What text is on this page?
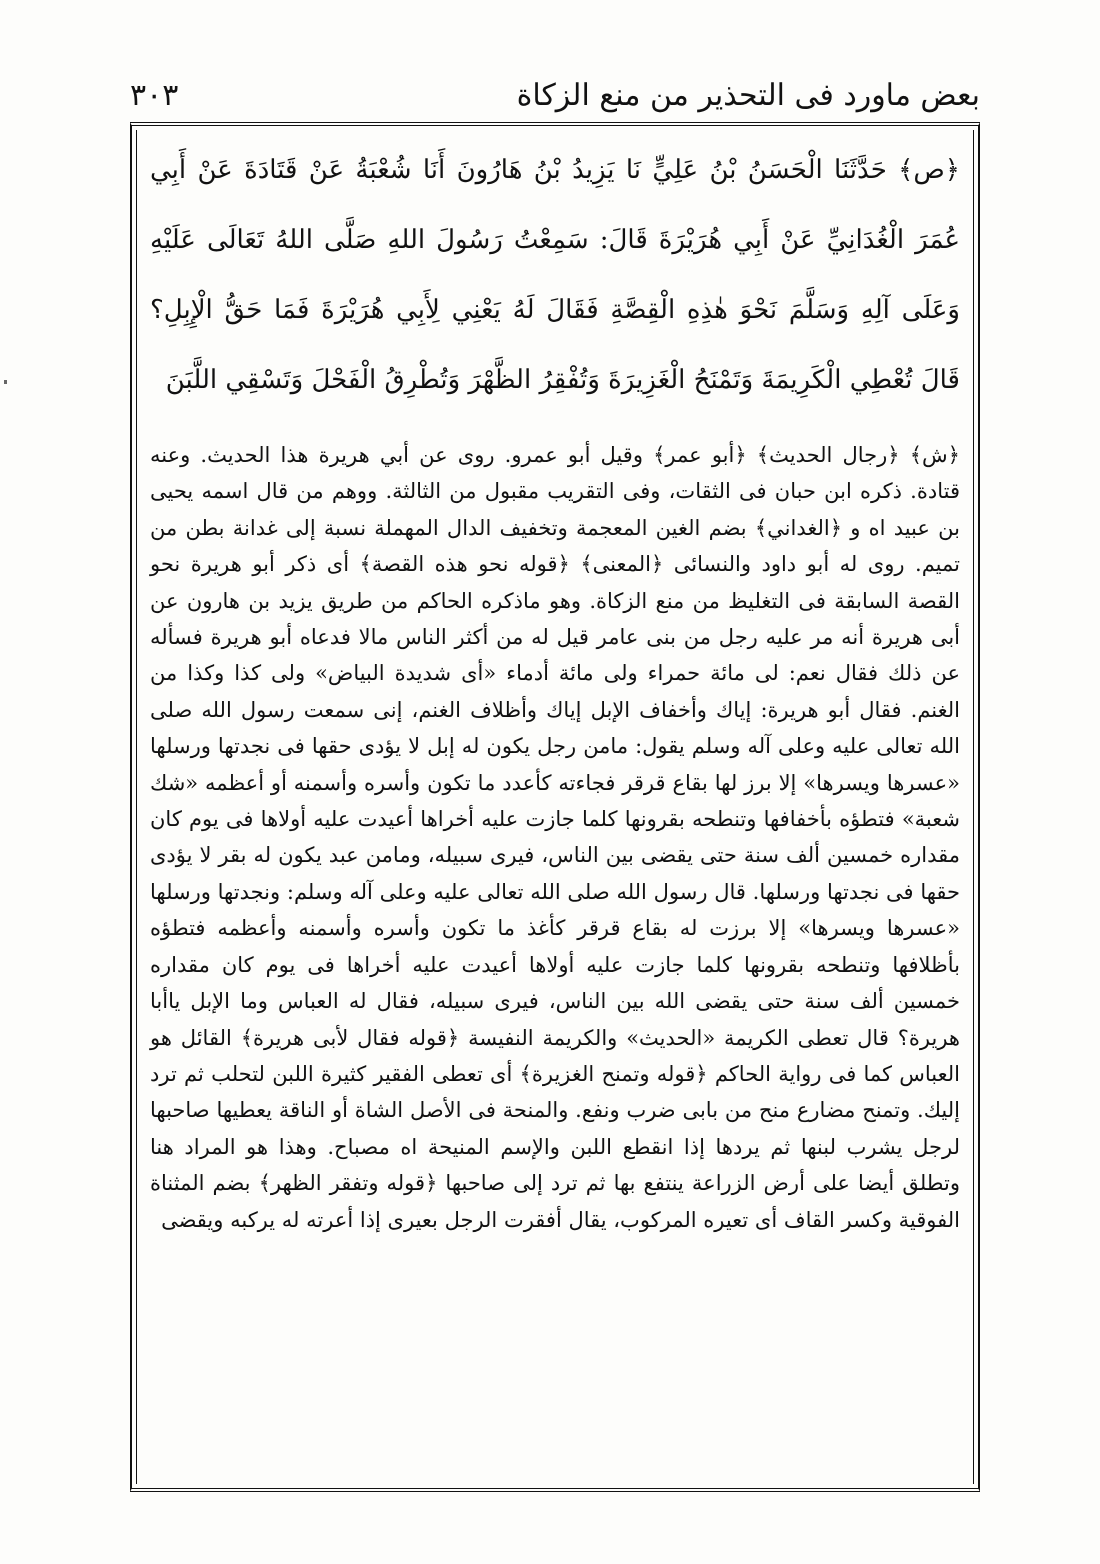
بعض ماورد فى التحذير من منع الزكاة
٣٠٣

﴿ص﴾ حَدَّثَنَا الْحَسَنُ بْنُ عَلِيٍّ نَا يَزِيدُ بْنُ هَارُونَ أَنَا شُعْبَةُ عَنْ قَتَادَةَ عَنْ أَبِي عُمَرَ الْغُدَانِيِّ عَنْ أَبِي هُرَيْرَةَ قَالَ: سَمِعْتُ رَسُولَ اللهِ صَلَّى اللهُ تَعَالَى عَلَيْهِ وَعَلَى آلِهِ وَسَلَّمَ نَحْوَ هٰذِهِ الْقِصَّةِ فَقَالَ لَهُ يَعْنِي لِأَبِي هُرَيْرَةَ فَمَا حَقُّ الْإِبِلِ؟ قَالَ تُعْطِي الْكَرِيمَةَ وَتَمْنَحُ الْغَزِيرَةَ وَتُفْقِرُ الظَّهْرَ وَتُطْرِقُ الْفَحْلَ وَتَسْقِي اللَّبَنَ

﴿ش﴾ ﴿رجال الحديث﴾ ﴿أبو عمر﴾ وقيل أبو عمرو. روى عن أبي هريرة هذا الحديث. وعنه قتادة. ذكره ابن حبان فى الثقات، وفى التقريب مقبول من الثالثة. ووهم من قال اسمه يحيى بن عبيد اه و ﴿الغداني﴾ بضم الغين المعجمة وتخفيف الدال المهملة نسبة إلى غدانة بطن من تميم. روى له أبو داود والنسائى ﴿المعنى﴾ ﴿قوله نحو هذه القصة﴾ أى ذكر أبو هريرة نحو القصة السابقة فى التغليظ من منع الزكاة. وهو ماذكره الحاكم من طريق يزيد بن هارون عن أبى هريرة أنه مر عليه رجل من بنى عامر قيل له من أكثر الناس مالا فدعاه أبو هريرة فسأله عن ذلك فقال نعم: لى مائة حمراء ولى مائة أدماء «أى شديدة البياض» ولى كذا وكذا من الغنم. فقال أبو هريرة: إياك وأخفاف الإبل إياك وأظلاف الغنم، إنى سمعت رسول الله صلى الله تعالى عليه وعلى آله وسلم يقول: مامن رجل يكون له إبل لا يؤدى حقها فى نجدتها ورسلها «عسرها ويسرها» إلا برز لها بقاع قرقر فجاءته كأعدد ما تكون وأسره وأسمنه أو أعظمه «شك شعبة» فتطؤه بأخفافها وتنطحه بقرونها كلما جازت عليه أخراها أعيدت عليه أولاها فى يوم كان مقداره خمسين ألف سنة حتى يقضى بين الناس، فيرى سبيله، ومامن عبد يكون له بقر لا يؤدى حقها فى نجدتها ورسلها. قال رسول الله صلى الله تعالى عليه وعلى آله وسلم: ونجدتها ورسلها «عسرها ويسرها» إلا برزت له بقاع قرقر كأغذ ما تكون وأسره وأسمنه وأعظمه فتطؤه بأظلافها وتنطحه بقرونها كلما جازت عليه أولاها أعيدت عليه أخراها فى يوم كان مقداره خمسين ألف سنة حتى يقضى الله بين الناس، فيرى سبيله، فقال له العباس وما الإبل ياأبا هريرة؟ قال تعطى الكريمة «الحديث» والكريمة النفيسة ﴿قوله فقال لأبى هريرة﴾ القائل هو العباس كما فى رواية الحاكم ﴿قوله وتمنح الغزيرة﴾ أى تعطى الفقير كثيرة اللبن لتحلب ثم ترد إليك. وتمنح مضارع منح من بابى ضرب ونفع. والمنحة فى الأصل الشاة أو الناقة يعطيها صاحبها لرجل يشرب لبنها ثم يردها إذا انقطع اللبن والإسم المنيحة اه مصباح. وهذا هو المراد هنا وتطلق أيضا على أرض الزراعة ينتفع بها ثم ترد إلى صاحبها ﴿قوله وتفقر الظهر﴾ بضم المثناة الفوقية وكسر القاف أى تعيره المركوب، يقال أفقرت الرجل بعيرى إذا أعرته له يركبه ويقضى
